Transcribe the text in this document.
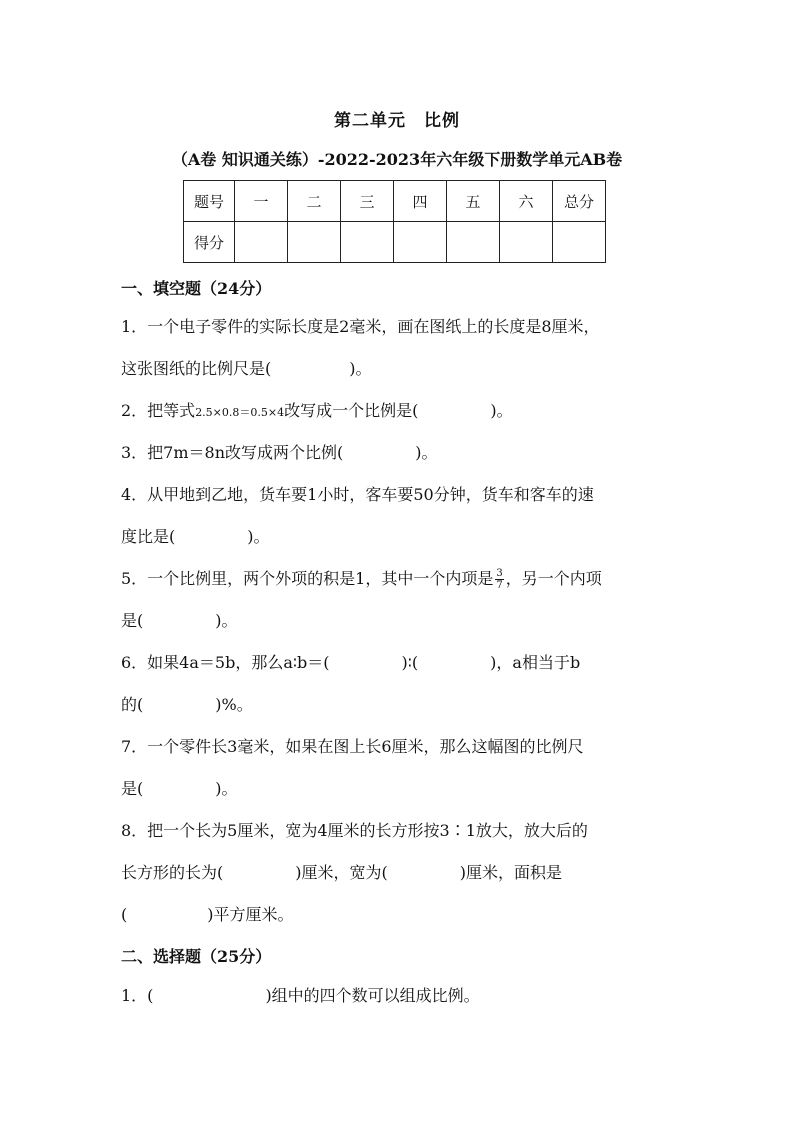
第二单元　比例
（A卷 知识通关练）-2022-2023年六年级下册数学单元AB卷
题号	一	二	三	四	五	六	总分
得分							
一、填空题（24分）
1．一个电子零件的实际长度是2毫米，画在图纸上的长度是8厘米，
这张图纸的比例尺是(	)。
2．把等式2.5×0.8＝0.5×4改写成一个比例是(	)。
3．把7m＝8n改写成两个比例(	)。
4．从甲地到乙地，货车要1小时，客车要50分钟，货车和客车的速
度比是(	)。
5．一个比例里，两个外项的积是1，其中一个内项是 $\frac{3}{7}$ ，另一个内项
是(	)。
6．如果4a＝5b，那么a∶b＝(	)∶(	)，a相当于b
的(	)%。
7．一个零件长3毫米，如果在图上长6厘米，那么这幅图的比例尺
是(	)。
8．把一个长为5厘米，宽为4厘米的长方形按3∶1放大，放大后的
长方形的长为(	)厘米，宽为(	)厘米，面积是
(	)平方厘米。
二、选择题（25分）
1．(	)组中的四个数可以组成比例。
